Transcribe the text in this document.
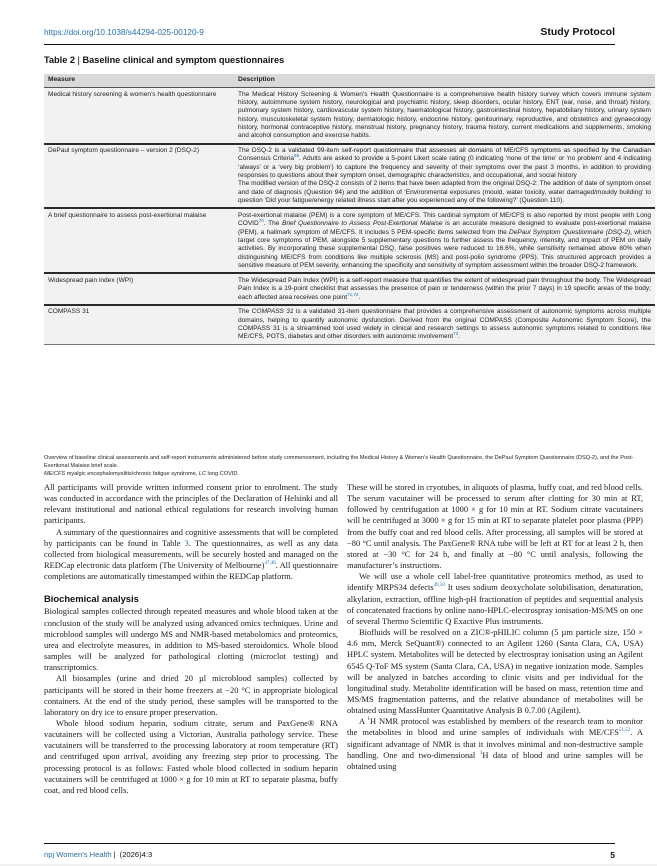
https://doi.org/10.1038/s44294-025-00120-9	Study Protocol
Table 2 | Baseline clinical and symptom questionnaires
Measure	Description
Medical history screening & women’s health questionnaire	The Medical History Screening & Women’s Health Questionnaire is a comprehensive health history survey which covers immune system history, autoimmune system history, neurological and psychiatric history, sleep disorders, ocular history, ENT (ear, nose, and throat) history, pulmonary system history, cardiovascular system history, haematological history, gastrointestinal history, hepatobiliary history, urinary system history, musculoskeletal system history, dermatologic history, endocrine history, genitourinary, reproductive, and obstetrics and gynaecology history, hormonal contraceptive history, menstrual history, pregnancy history, trauma history, current medications and supplements, smoking and alcohol consumption and exercise habits.
DePaul symptom questionnaire – version 2 (DSQ-2)	The DSQ-2 is a validated 99-item self-report questionnaire that assesses all domains of ME/CFS symptoms as specified by the Canadian Consensus Criteria$^{69}$. Adults are asked to provide a 5-point Likert scale rating (0 indicating ‘none of the time’ or ‘no problem’ and 4 indicating ‘always’ or a ‘very big problem’) to capture the frequency and severity of their symptoms over the past 3 months, in addition to providing responses to questions about their symptom onset, demographic characteristics, and occupational, and social history
The modified version of the DSQ-2 consists of 2 items that have been adapted from the original DSQ-2: The addition of date of symptom onset and date of diagnosis (Question 94) and the addition of ‘Environmental exposures (mould, water toxicity, water damaged/mouldy building’ to question ‘Did your fatigue/energy related illness start after you experienced any of the following?’ (Question 110).
A brief questionnaire to assess post-exertional malaise	Post-exertional malaise (PEM) is a core symptom of ME/CFS. This cardinal symptom of ME/CFS is also reported by most people with Long COVID$^{70}$. The Brief Questionnaire to Assess Post-Exertional Malaise is an accurate measure designed to evaluate post-exertional malaise (PEM), a hallmark symptom of ME/CFS. It includes 5 PEM-specific items selected from the DePaul Symptom Questionnaire (DSQ-2), which target core symptoms of PEM, alongside 5 supplementary questions to further assess the frequency, intensity, and impact of PEM on daily activities. By incorporating these supplemental DSQ, false positives were reduced to 16.6%, while sensitivity remained above 80% when distinguishing ME/CFS from conditions like multiple sclerosis (MS) and post-polio syndrome (PPS). This structured approach provides a sensitive measure of PEM severity, enhancing the specificity and sensitivity of symptom assessment within the broader DSQ-2 framework.
Widespread pain index (WPI)	The Widespread Pain Index (WPI) is a self-report measure that quantifies the extent of widespread pain throughout the body. The Widespread Pain Index is a 19-point checklist that assesses the presence of pain or tenderness (within the prior 7 days) in 19 specific areas of the body; each affected area receives one point$^{71,72}$.
COMPASS 31	The COMPASS 31 is a validated 31-item questionnaire that provides a comprehensive assessment of autonomic symptoms across multiple domains, helping to quantify autonomic dysfunction. Derived from the original COMPASS (Composite Autonomic Symptom Score), the COMPASS 31 is a streamlined tool used widely in clinical and research settings to assess autonomic symptoms related to conditions like ME/CFS, POTS, diabetes and other disorders with autonomic involvement$^{73}$.

Overview of baseline clinical assessments and self-report instruments administered before study commencement, including the Medical History & Women’s Health Questionnaire, the DePaul Symptom Questionnaire (DSQ-2), and the Post-Exertional Malaise brief scale.

ME/CFS myalgic encephalomyelitis/chronic fatigue syndrome, LC long COVID.

All participants will provide written informed consent prior to enrolment. The study was conducted in accordance with the principles of the Declaration of Helsinki and all relevant institutional and national ethical regulations for research involving human participants.

A summary of the questionnaires and cognitive assessments that will be completed by participants can be found in Table 3. The questionnaires, as well as any data collected from biological measurements, will be securely hosted and managed on the REDCap electronic data platform (The University of Melbourne)$^{47,48}$. All questionnaire completions are automatically timestamped within the REDCap platform.

Biochemical analysis

Biological samples collected through repeated measures and whole blood taken at the conclusion of the study will be analyzed using advanced omics techniques. Urine and microblood samples will undergo MS and NMR-based metabolomics and proteomics, urea and electrolyte measures, in addition to MS-based steroidomics. Whole blood samples will be analyzed for pathological clotting (microclot testing) and transcriptomics.

All biosamples (urine and dried 20 µl microblood samples) collected by participants will be stored in their home freezers at −20 °C in appropriate biological containers. At the end of the study period, these samples will be transported to the laboratory on dry ice to ensure proper preservation.

Whole blood sodium heparin, sodium citrate, serum and PaxGene® RNA vacutainers will be collected using a Victorian, Australia pathology service. These vacutainers will be transferred to the processing laboratory at room temperature (RT) and centrifuged upon arrival, avoiding any freezing step prior to processing. The processing protocol is as follows: Fasted whole blood collected in sodium heparin vacutainers will be centrifuged at 1000 × g for 10 min at RT to separate plasma, buffy coat, and red blood cells.

These will be stored in cryotubes, in aliquots of plasma, buffy coat, and red blood cells. The serum vacutainer will be processed to serum after clotting for 30 min at RT, followed by centrifugation at 1000 × g for 10 min at RT. Sodium citrate vacutainers will be centrifuged at 3000 × g for 15 min at RT to separate platelet poor plasma (PPP) from the buffy coat and red blood cells. After processing, all samples will be stored at −80 °C until analysis. The PaxGene® RNA tube will be left at RT for at least 2 h, then stored at −30 °C for 24 h, and finally at −80 °C until analysis, following the manufacturer’s instructions.

We will use a whole cell label-free quantitative proteomics method, as used to identify MRPS34 defects$^{49,50}$ It uses sodium deoxycholate solubilisation, denaturation, alkylation, extraction, offline high-pH fractionation of peptides and sequential analysis of concatenated fractions by online nano-HPLC-electrospray ionisation-MS/MS on one of several Thermo Scientific Q Exactive Plus instruments.

Biofluids will be resolved on a ZIC®-pHILIC column (5 µm particle size, 150 × 4.6 mm, Merck SeQuant®) connected to an Agilent 1260 (Santa Clara, CA, USA) HPLC system. Metabolites will be detected by electrospray ionisation using an Agilent 6545 Q-ToF MS system (Santa Clara, CA, USA) in negative ionization mode. Samples will be analyzed in batches according to clinic visits and per individual for the longitudinal study. Metabolite identification will be based on mass, retention time and MS/MS fragmentation patterns, and the relative abundance of metabolites will be obtained using MassHunter Quantitative Analysis B 0.7.00 (Agilent).

A $^1$H NMR protocol was established by members of the research team to monitor the metabolites in blood and urine samples of individuals with ME/CFS$^{51,52}$. A significant advantage of NMR is that it involves minimal and non-destructive sample handling. One and two-dimensional $^1$H data of blood and urine samples will be obtained using

npj Women's Health | (2026)4:3	5
